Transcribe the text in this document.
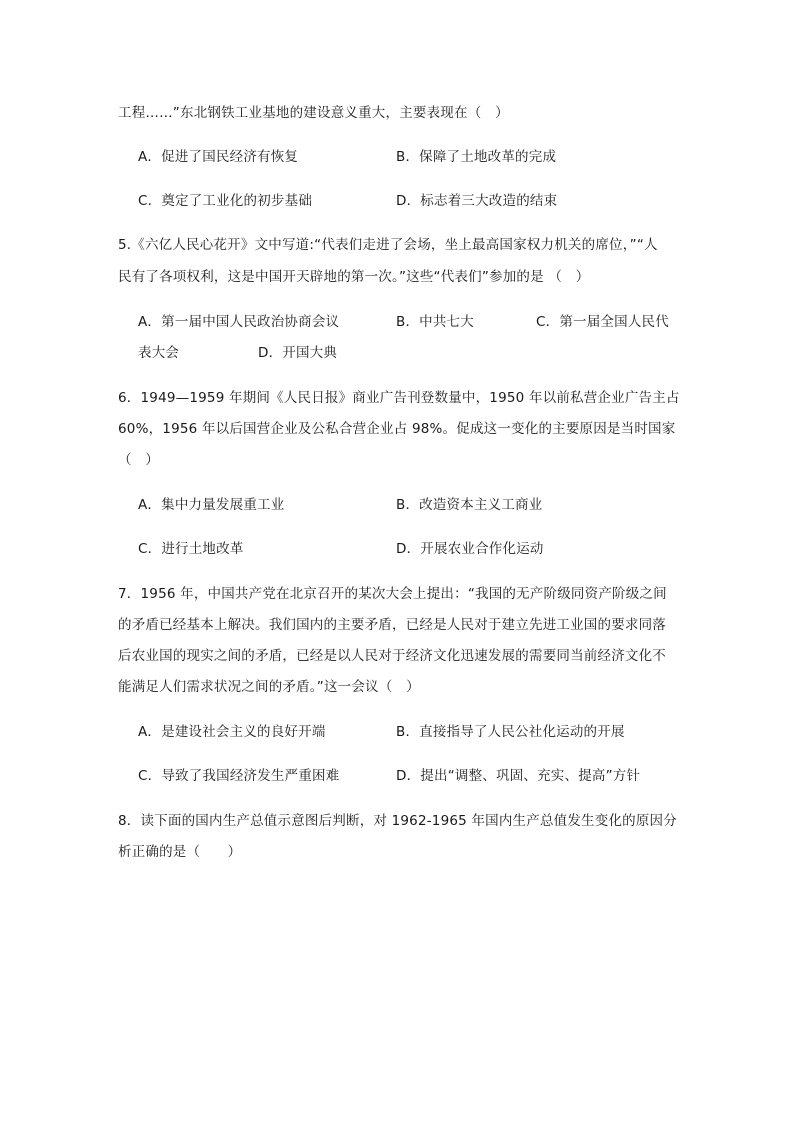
工程……”东北钢铁工业基地的建设意义重大，主要表现在（　）
A．促进了国民经济有恢复	B．保障了土地改革的完成
C．奠定了工业化的初步基础	D．标志着三大改造的结束
5.《六亿人民心花开》文中写道:“代表们走进了会场，坐上最高国家权力机关的席位，”“人
民有了各项权利，这是中国开天辟地的第一次。”这些“代表们”参加的是 （　）
A．第一届中国人民政治协商会议	B．中共七大	C．第一届全国人民代
表大会	D．开国大典
6．1949—1959 年期间《人民日报》商业广告刊登数量中，1950 年以前私营企业广告主占
60%，1956 年以后国营企业及公私合营企业占 98%。促成这一变化的主要原因是当时国家
（　）
A．集中力量发展重工业	B．改造资本主义工商业
C．进行土地改革	D．开展农业合作化运动
7．1956 年，中国共产党在北京召开的某次大会上提出：“我国的无产阶级同资产阶级之间
的矛盾已经基本上解决。我们国内的主要矛盾，已经是人民对于建立先进工业国的要求同落
后农业国的现实之间的矛盾，已经是以人民对于经济文化迅速发展的需要同当前经济文化不
能满足人们需求状况之间的矛盾。”这一会议（　）
A．是建设社会主义的良好开端	B．直接指导了人民公社化运动的开展
C．导致了我国经济发生严重困难	D．提出“调整、巩固、充实、提高”方针
8．读下面的国内生产总值示意图后判断，对 1962-1965 年国内生产总值发生变化的原因分
析正确的是（　　）
